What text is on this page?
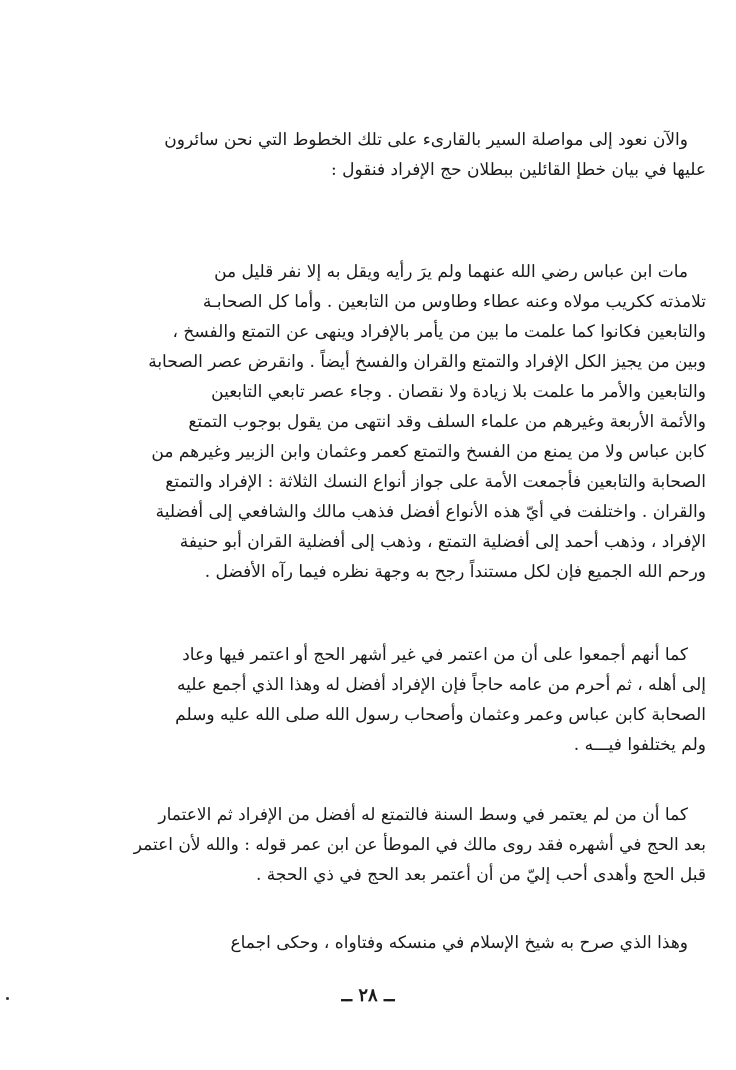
والآن نعود إلى مواصلة السير بالقارىء على تلك الخطوط التي نحن سائرون
عليها في بيان خطإ القائلين ببطلان حج الإفراد فنقول :

مات ابن عباس رضي الله عنهما ولم يرَ رأيه ويقل به إلا نفر قليل من
تلامذته ككريب مولاه وعنه عطاء وطاوس من التابعين . وأما كل الصحابـة
والتابعين فكانوا كما علمت ما بين من يأمر بالإفراد وينهى عن التمتع والفسخ ،
وبين من يجيز الكل الإفراد والتمتع والقران والفسخ أيضاً . وانقرض عصر الصحابة
والتابعين والأمر ما علمت بلا زيادة ولا نقصان . وجاء عصر تابعي التابعين
والأئمة الأربعة وغيرهم من علماء السلف وقد انتهى من يقول بوجوب التمتع
كابن عباس ولا من يمنع من الفسخ والتمتع كعمر وعثمان وابن الزبير وغيرهم من
الصحابة والتابعين فأجمعت الأمة على جواز أنواع النسك الثلاثة : الإفراد والتمتع
والقران . واختلفت في أيّ هذه الأنواع أفضل فذهب مالك والشافعي إلى أفضلية
الإفراد ، وذهب أحمد إلى أفضلية التمتع ، وذهب إلى أفضلية القران أبو حنيفة
ورحم الله الجميع فإن لكل مستنداً رجح به وجهة نظره فيما رآه الأفضل .

كما أنهم أجمعوا على أن من اعتمر في غير أشهر الحج أو اعتمر فيها وعاد
إلى أهله ، ثم أحرم من عامه حاجاً فإن الإفراد أفضل له وهذا الذي أجمع عليه
الصحابة كابن عباس وعمر وعثمان وأصحاب رسول الله صلى الله عليه وسلم
ولم يختلفوا فيـــه .

كما أن من لم يعتمر في وسط السنة فالتمتع له أفضل من الإفراد ثم الاعتمار
بعد الحج في أشهره فقد روى مالك في الموطأ عن ابن عمر قوله : والله لأن اعتمر
قبل الحج وأهدى أحب إليّ من أن أعتمر بعد الحج في ذي الحجة .

وهذا الذي صرح به شيخ الإسلام في منسكه وفتاواه ، وحكى اجماع

ــ ٢٨ ــ
